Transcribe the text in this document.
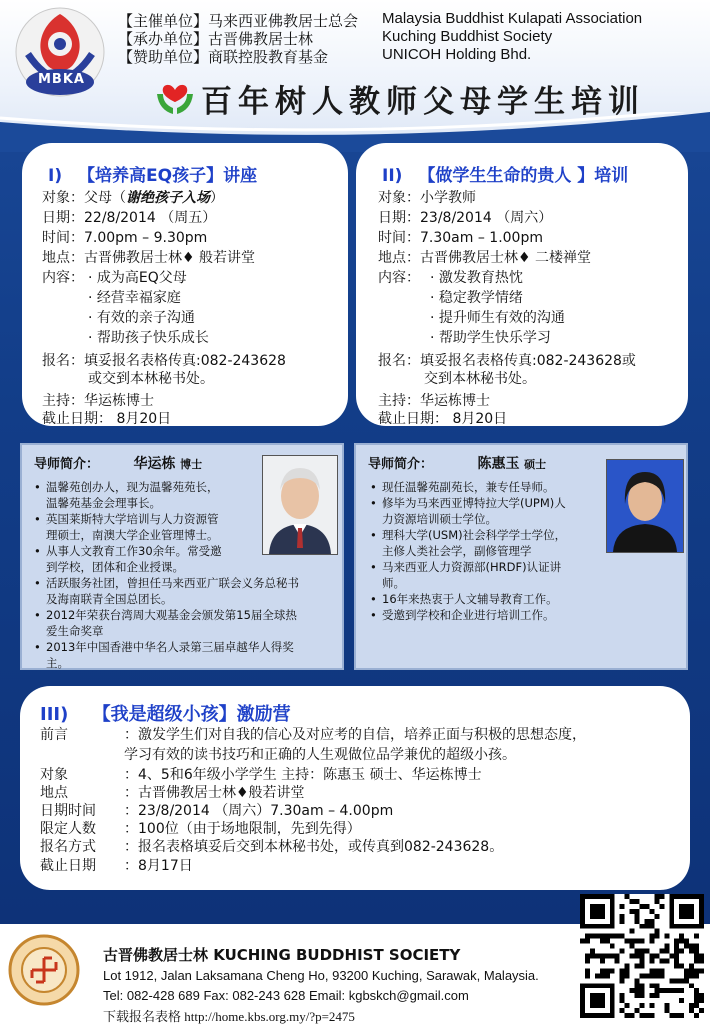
MBKA
【主催单位】马来西亚佛教居士总会
【承办单位】古晋佛教居士林
【赞助单位】商联控股教育基金
Malaysia Buddhist Kulapati Association
Kuching Buddhist Society
UNICOH Holding Bhd.
百年树人教师父母学生培训
I) 【培养高EQ孩子】讲座
对象：父母（谢绝孩子入场）
日期：22/8/2014 （周五）
时间：7.00pm – 9.30pm
地点：古晋佛教居士林♦ 般若讲堂
内容： · 成为高EQ父母
· 经营幸福家庭
· 有效的亲子沟通
· 帮助孩子快乐成长
报名：填妥报名表格传真:082-243628
或交到本林秘书处。
主持：华运栋博士
截止日期： 8月20日
II) 【做学生生命的贵人 】培训
对象：小学教师
日期：23/8/2014 （周六）
时间：7.30am – 1.00pm
地点：古晋佛教居士林♦ 二楼禅堂
内容： · 激发教育热忱
· 稳定教学情绪
· 提升师生有效的沟通
· 帮助学生快乐学习
报名：填妥报名表格传真:082-243628或
交到本林秘书处。
主持：华运栋博士
截止日期： 8月20日
导师简介： 华运栋 博士
• 温馨苑创办人，现为温馨苑苑长，
温馨苑基金会理事长。
• 英国莱斯特大学培训与人力资源管
理硕士，南澳大学企业管理博士。
• 从事人文教育工作30余年。常受邀
到学校，团体和企业授课。
• 活跃服务社团，曾担任马来西亚广联会义务总秘书
及海南联青全国总团长。
• 2012年荣获台湾周大观基金会颁发第15届全球热
爱生命奖章
• 2013年中国香港中华名人录第三届卓越华人得奖
主。
导师简介：	陈惠玉 硕士
• 现任温馨苑副苑长，兼专任导师。
• 修毕为马来西亚博特拉大学(UPM)人
力资源培训硕士学位。
• 理科大学(USM)社会科学学士学位，
主修人类社会学，副修管理学
• 马来西亚人力资源部(HRDF)认证讲
师。
• 16年来热衷于人文辅导教育工作。
• 受邀到学校和企业进行培训工作。
III) 【我是超级小孩】激励营
前言	：激发学生们对自我的信心及对应考的自信，培养正面与积极的思想态度，
学习有效的读书技巧和正确的人生观做位品学兼优的超级小孩。
对象	：4、5和6年级小学学生 主持：陈惠玉 硕士、华运栋博士
地点	：古晋佛教居士林♦般若讲堂
日期时间 ：23/8/2014 （周六）7.30am – 4.00pm
限定人数 ：100位（由于场地限制，先到先得）
报名方式 ：报名表格填妥后交到本林秘书处，或传真到082-243628。
截止日期 ：8月17日
古晋佛教居士林 KUCHING BUDDHIST SOCIETY
Lot 1912, Jalan Laksamana Cheng Ho, 93200 Kuching, Sarawak, Malaysia.
Tel: 082-428 689 Fax: 082-243 628 Email: kgbskch@gmail.com
下载报名表格 http://home.kbs.org.my/?p=2475
